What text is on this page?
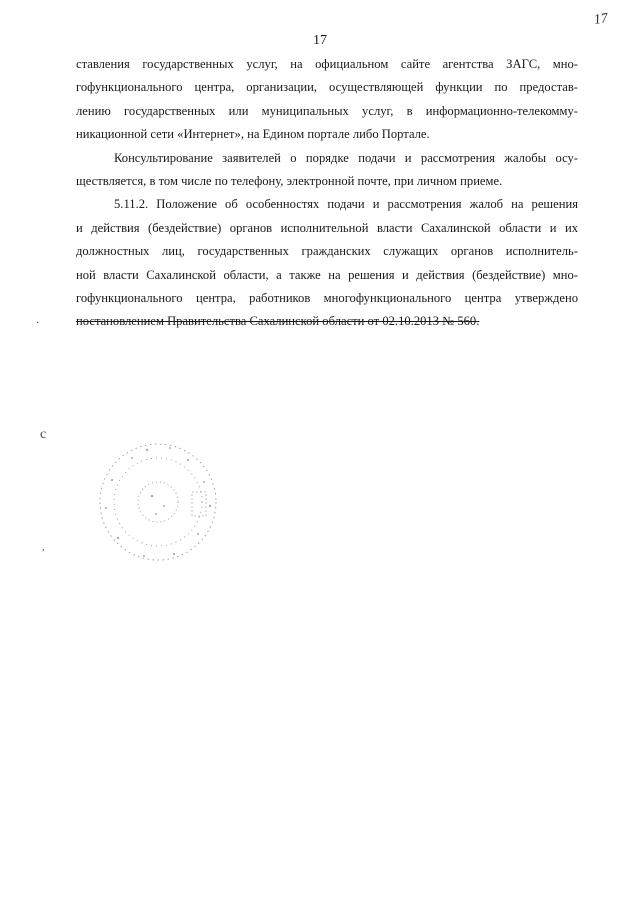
17
17
ставления государственных услуг, на официальном сайте агентства ЗАГС, мно-
гофункционального центра, организации, осуществляющей функции по предостав-
лению государственных или муниципальных услуг, в информационно-телекомму-
никационной сети «Интернет», на Едином портале либо Портале.
Консультирование заявителей о порядке подачи и рассмотрения жалобы осу-
ществляется, в том числе по телефону, электронной почте, при личном приеме.
5.11.2. Положение об особенностях подачи и рассмотрения жалоб на решения
и действия (бездействие) органов исполнительной власти Сахалинской области и их
должностных лиц, государственных гражданских служащих органов исполнитель-
ной власти Сахалинской области, а также на решения и действия (бездействие) мно-
гофункционального центра, работников многофункционального центра утверждено
постановлением Правительства Сахалинской области от 02.10.2013 № 560.
·
c
,
